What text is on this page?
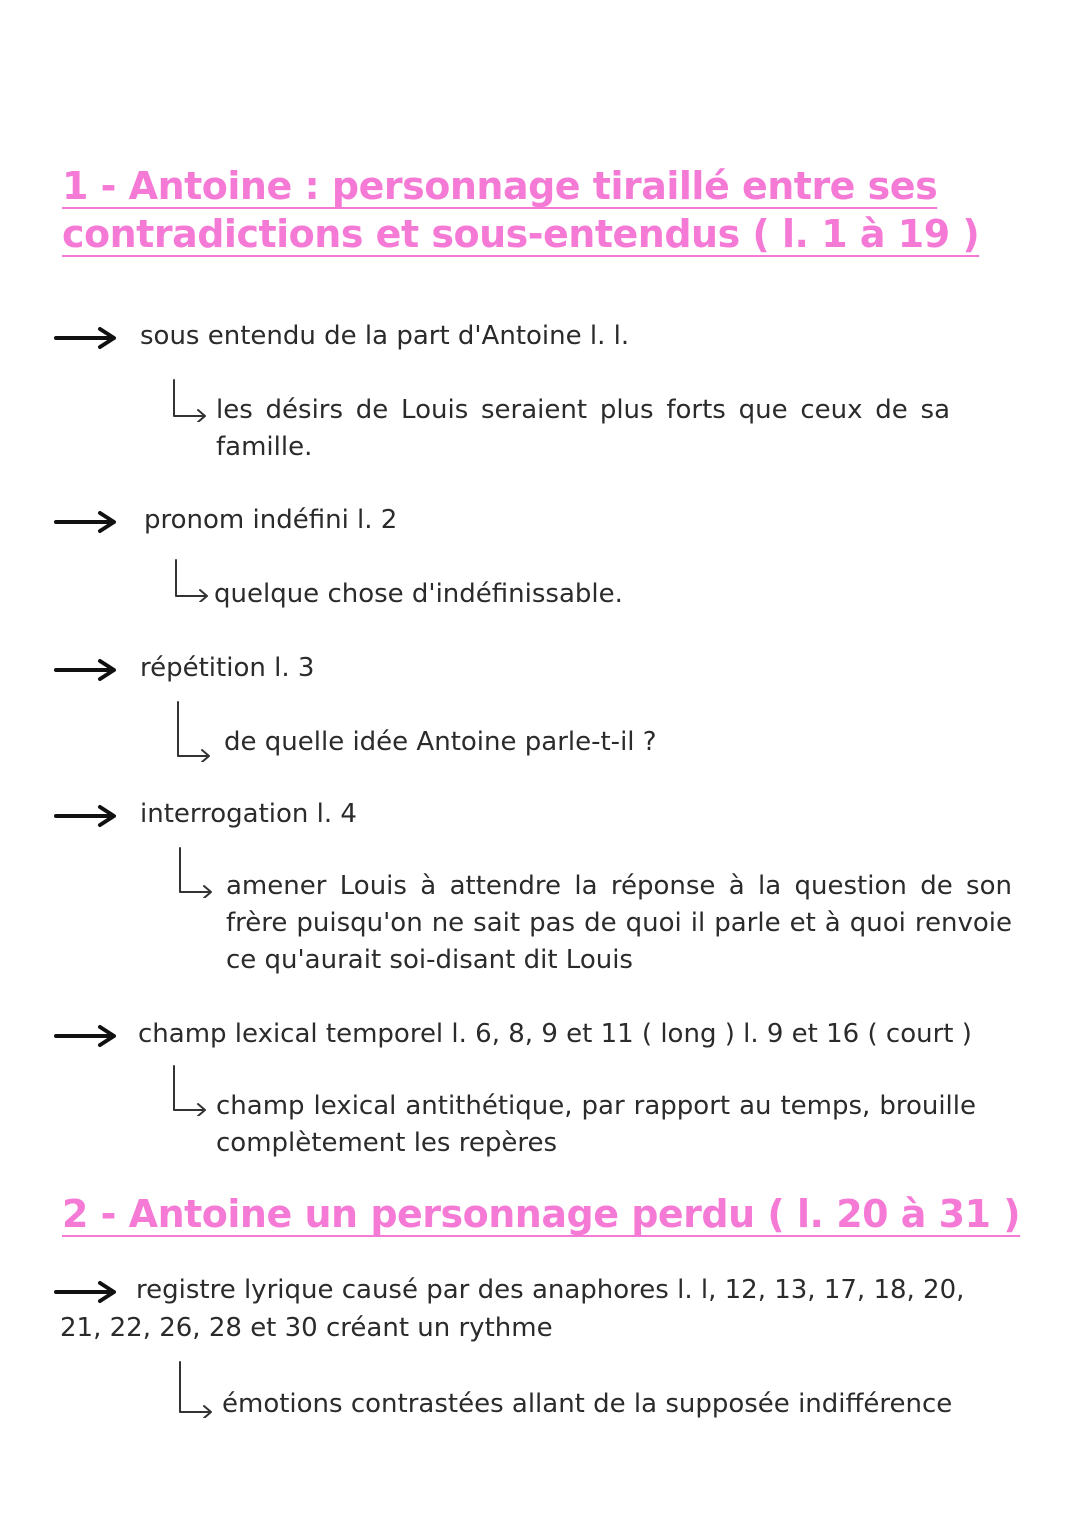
1 - Antoine : personnage tiraillé entre ses
contradictions et sous-entendus ( l. 1 à 19 )
sous entendu de la part d'Antoine l. l.
les désirs de Louis seraient plus forts que ceux de sa famille.
pronom indéfini l. 2
quelque chose d'indéfinissable.
répétition l. 3
de quelle idée Antoine parle-t-il ?
interrogation l. 4
amener Louis à attendre la réponse à la question de son frère puisqu'on ne sait pas de quoi il parle et à quoi renvoie ce qu'aurait soi-disant dit Louis
champ lexical temporel l. 6, 8, 9 et 11 ( long ) l. 9 et 16 ( court )
champ lexical antithétique, par rapport au temps, brouille complètement les repères
2 - Antoine un personnage perdu ( l. 20 à 31 )
registre lyrique causé par des anaphores l. l, 12, 13, 17, 18, 20,
21, 22, 26, 28 et 30 créant un rythme
émotions contrastées allant de la supposée indifférence
